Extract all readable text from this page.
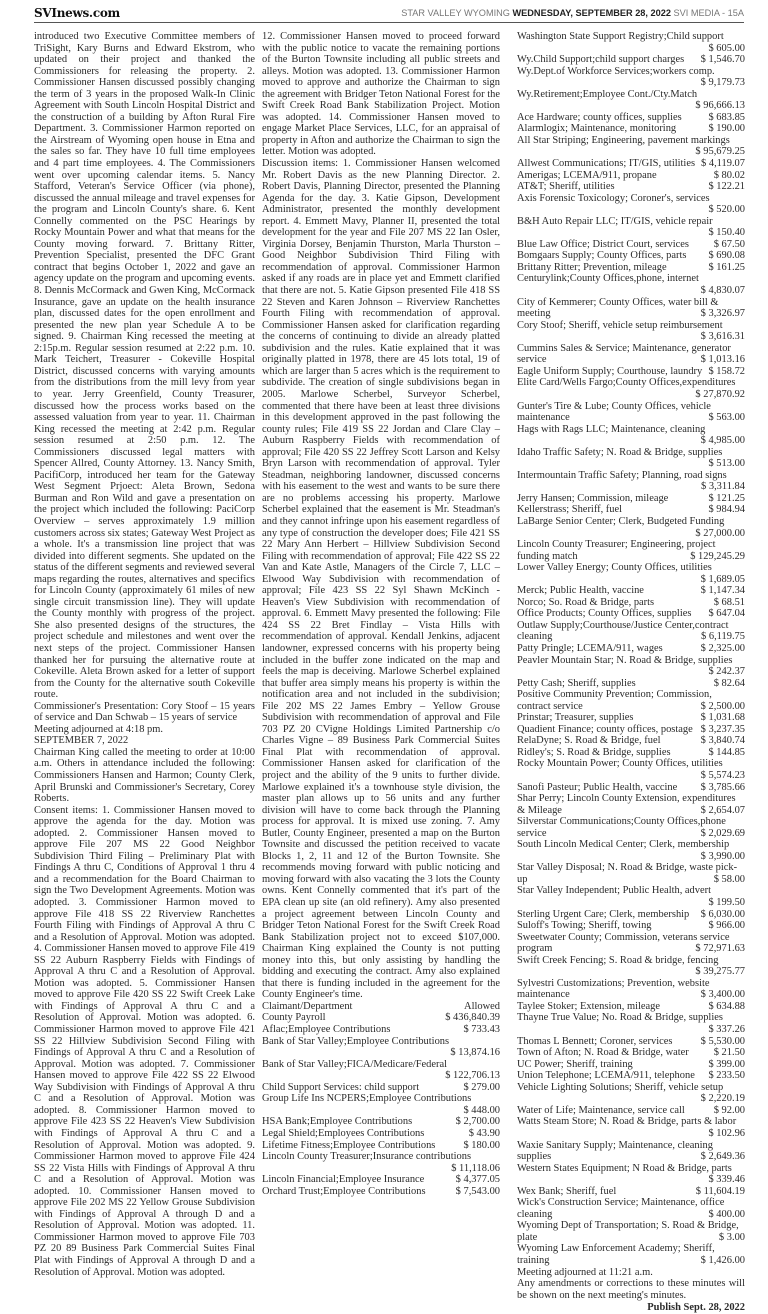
SVInews.com	STAR VALLEY WYOMING WEDNESDAY, SEPTEMBER 28, 2022 SVI MEDIA - 15A

introduced two Executive Committee members of TriSight, Kary Burns and Edward Ekstrom, who updated on their project and thanked the Commissioners for releasing the property. 2. Commissioner Hansen discussed possibly changing the term of 3 years in the proposed Walk-In Clinic Agreement with South Lincoln Hospital District and the construction of a building by Afton Rural Fire Department. 3. Commissioner Harmon reported on the Airstream of Wyoming open house in Etna and the sales so far. They have 10 full time employees and 4 part time employees. 4. The Commissioners went over upcoming calendar items. 5. Nancy Stafford, Veteran's Service Officer (via phone), discussed the annual mileage and travel expenses for the program and Lincoln County's share. 6. Kent Connelly commented on the PSC Hearings by Rocky Mountain Power and what that means for the County moving forward. 7. Brittany Ritter, Prevention Specialist, presented the DFC Grant contract that begins October 1, 2022 and gave an agency update on the program and upcoming events. 8. Dennis McCormack and Gwen King, McCormack Insurance, gave an update on the health insurance plan, discussed dates for the open enrollment and presented the new plan year Schedule A to be signed. 9. Chairman King recessed the meeting at 2:15p.m. Regular session resumed at 2:22 p.m. 10. Mark Teichert, Treasurer - Cokeville Hospital District, discussed concerns with varying amounts from the distributions from the mill levy from year to year. Jerry Greenfield, County Treasurer, discussed how the process works based on the assessed valuation from year to year. 11. Chairman King recessed the meeting at 2:42 p.m. Regular session resumed at 2:50 p.m. 12. The Commissioners discussed legal matters with Spencer Allred, County Attorney. 13. Nancy Smith, PacifiCorp, introduced her team for the Gateway West Segment Prjoect: Aleta Brown, Sedona Burman and Ron Wild and gave a presentation on the project which included the following: PaciCorp Overview – serves approximately 1.9 million customers across six states; Gateway West Project as a whole. It's a transmission line project that was divided into different segments. She updated on the status of the different segments and reviewed several maps regarding the routes, alternatives and specifics for Lincoln County (approximately 61 miles of new single circuit transmission line). They will update the County monthly with progress of the project. She also presented designs of the structures, the project schedule and milestones and went over the next steps of the project. Commissioner Hansen thanked her for pursuing the alternative route at Cokeville. Aleta Brown asked for a letter of support from the County for the alternative south Cokeville route.

Commissioner's Presentation: Cory Stoof – 15 years of service and Dan Schwab – 15 years of service

Meeting adjourned at 4:18 pm.

SEPTEMBER 7, 2022

Chairman King called the meeting to order at 10:00 a.m. Others in attendance included the following: Commissioners Hansen and Harmon; County Clerk, April Brunski and Commissioner's Secretary, Corey Roberts.

Consent items: 1. Commissioner Hansen moved to approve the agenda for the day. Motion was adopted. 2. Commissioner Hansen moved to approve File 207 MS 22 Good Neighbor Subdivision Third Filing – Preliminary Plat with Findings A thru C, Conditions of Approval 1 thru 4 and a recommendation for the Board Chairman to sign the Two Development Agreements. Motion was adopted. 3. Commissioner Harmon moved to approve File 418 SS 22 Riverview Ranchettes Fourth Filing with Findings of Approval A thru C and a Resolution of Approval. Motion was adopted. 4. Commissioner Hansen moved to approve File 419 SS 22 Auburn Raspberry Fields with Findings of Approval A thru C and a Resolution of Approval. Motion was adopted. 5. Commissioner Hansen moved to approve File 420 SS 22 Swift Creek Lake with Findings of Approval A thru C and a Resolution of Approval. Motion was adopted. 6. Commissioner Harmon moved to approve File 421 SS 22 Hillview Subdivision Second Filing with Findings of Approval A thru C and a Resolution of Approval. Motion was adopted. 7. Commissioner Hansen moved to approve File 422 SS 22 Elwood Way Subdivision with Findings of Approval A thru C and a Resolution of Approval. Motion was adopted. 8. Commissioner Harmon moved to approve File 423 SS 22 Heaven's View Subdivision with Findings of Approval A thru C and a Resolution of Approval. Motion was adopted. 9. Commissioner Harmon moved to approve File 424 SS 22 Vista Hills with Findings of Approval A thru C and a Resolution of Approval. Motion was adopted. 10. Commissioner Hansen moved to approve File 202 MS 22 Yellow Grouse Subdivision with Findings of Approval A through D and a Resolution of Approval. Motion was adopted. 11. Commissioner Harmon moved to approve File 703 PZ 20 89 Business Park Commercial Suites Final Plat with Findings of Approval A through D and a Resolution of Approval. Motion was adopted.

12. Commissioner Hansen moved to proceed forward with the public notice to vacate the remaining portions of the Burton Townsite including all public streets and alleys. Motion was adopted. 13. Commissioner Harmon moved to approve and authorize the Chairman to sign the agreement with Bridger Teton National Forest for the Swift Creek Road Bank Stabilization Project. Motion was adopted. 14. Commissioner Hansen moved to engage Market Place Services, LLC, for an appraisal of property in Afton and authorize the Chairman to sign the letter. Motion was adopted.

Discussion items: 1. Commissioner Hansen welcomed Mr. Robert Davis as the new Planning Director. 2. Robert Davis, Planning Director, presented the Planning Agenda for the day. 3. Katie Gipson, Development Administrator, presented the monthly development report. 4. Emmett Mavy, Planner II, presented the total development for the year and File 207 MS 22 Ian Osler, Virginia Dorsey, Benjamin Thurston, Marla Thurston – Good Neighbor Subdivision Third Filing with recommendation of approval. Commissioner Harmon asked if any roads are in place yet and Emmett clarified that there are not. 5. Katie Gipson presented File 418 SS 22 Steven and Karen Johnson – Riverview Ranchettes Fourth Filing with recommendation of approval. Commissioner Hansen asked for clarification regarding the concerns of continuing to divide an already platted subdivision and the rules. Katie explained that it was originally platted in 1978, there are 45 lots total, 19 of which are larger than 5 acres which is the requirement to subdivide. The creation of single subdivisions began in 2005. Marlowe Scherbel, Surveyor Scherbel, commented that there have been at least three divisions in this development approved in the past following the county rules; File 419 SS 22 Jordan and Clare Clay – Auburn Raspberry Fields with recommendation of approval; File 420 SS 22 Jeffrey Scott Larson and Kelsy Bryn Larson with recommendation of approval. Tyler Steadman, neighboring landowner, discussed concerns with his easement to the west and wants to be sure there are no problems accessing his property. Marlowe Scherbel explained that the easement is Mr. Steadman's and they cannot infringe upon his easement regardless of any type of construction the developer does; File 421 SS 22 Mary Ann Herbert – Hillview Subdivision Second Filing with recommendation of approval; File 422 SS 22 Van and Kate Astle, Managers of the Circle 7, LLC – Elwood Way Subdivision with recommendation of approval; File 423 SS 22 Syl Shawn McKinch - Heaven's View Subdivision with recommendation of approval. 6. Emmett Mavy presented the following: File 424 SS 22 Bret Findlay – Vista Hills with recommendation of approval. Kendall Jenkins, adjacent landowner, expressed concerns with his property being included in the buffer zone indicated on the map and feels the map is deceiving. Marlowe Scherbel explained that buffer area simply means his property is within the notification area and not included in the subdivision; File 202 MS 22 James Embry – Yellow Grouse Subdivision with recommendation of approval and File 703 PZ 20 CVigne Holdings Limited Partnership c/o Charles Vigne – 89 Business Park Commercial Suites Final Plat with recommendation of approval. Commissioner Hansen asked for clarification of the project and the ability of the 9 units to further divide. Marlowe explained it's a townhouse style division, the master plan allows up to 56 units and any further division will have to come back through the Planning process for approval. It is mixed use zoning. 7. Amy Butler, County Engineer, presented a map on the Burton Townsite and discussed the petition received to vacate Blocks 1, 2, 11 and 12 of the Burton Townsite. She recommends moving forward with public noticing and moving forward with also vacating the 3 lots the County owns. Kent Connelly commented that it's part of the EPA clean up site (an old refinery). Amy also presented a project agreement between Lincoln County and Bridger Teton National Forest for the Swift Creek Road Bank Stabilization project not to exceed $107,000. Chairman King explained the County is not putting money into this, but only assisting by handling the bidding and executing the contract. Amy also explained that there is funding included in the agreement for the County Engineer's time.

Claimant/Department	Allowed
County Payroll	$ 436,840.39
Aflac;Employee Contributions	$ 733.43
Bank of Star Valley;Employee Contributions
$ 13,874.16
Bank of Star Valley;FICA/Medicare/Federal
$ 122,706.13
Child Support Services: child support	$ 279.00
Group Life Ins NCPERS;Employee Contributions
$ 448.00
HSA Bank;Employee Contributions	$ 2,700.00
Legal Shield;Employees Contributions	$ 43.90
Lifetime Fitness;Employee Contributions	$ 180.00
Lincoln County Treasurer;Insurance contributions
$ 11,118.06
Lincoln Financial;Employee Insurance	$ 4,377.05
Orchard Trust;Employee Contributions	$ 7,543.00
Washington State Support Registry;Child support
$ 605.00
Wy.Child Support;child support charges	$ 1,546.70
Wy.Dept.of Workforce Services;workers comp.
$ 9,179.73
Wy.Retirement;Employee Cont./Cty.Match
$ 96,666.13
Ace Hardware; county offices, supplies	$ 683.85
Alarmlogix; Maintenance, monitoring	$ 190.00
All Star Striping; Engineering, pavement markings
$ 95,679.25
Allwest Communications; IT/GIS, utilities $ 4,119.07
Amerigas; LCEMA/911, propane	$ 80.02
AT&T; Sheriff, utilities	$ 122.21
Axis Forensic Toxicology; Coroner's, services
$ 520.00
B&H Auto Repair LLC; IT/GIS, vehicle repair
$ 150.40
Blue Law Office; District Court, services	$ 67.50
Bomgaars Supply; County Offices, parts	$ 690.08
Brittany Ritter; Prevention, mileage	$ 161.25
Centurylink;County Offices,phone, internet
$ 4,830.07
City of Kemmerer; County Offices, water bill & meeting	$ 3,326.97
Cory Stoof; Sheriff, vehicle setup reimbursement
$ 3,616.31
Cummins Sales & Service; Maintenance, generator service	$ 1,013.16
Eagle Uniform Supply; Courthouse, laundry $ 158.72
Elite Card/Wells Fargo;County Offices,expenditures
$ 27,870.92
Gunter's Tire & Lube; County Offices, vehicle maintenance	$ 563.00
Hags with Rags LLC; Maintenance, cleaning
$ 4,985.00
Idaho Traffic Safety; N. Road & Bridge, supplies
$ 513.00
Intermountain Traffic Safety; Planning, road signs
$ 3,311.84
Jerry Hansen; Commission, mileage	$ 121.25
Kellerstrass; Sheriff, fuel	$ 984.94
LaBarge Senior Center; Clerk, Budgeted Funding
$ 27,000.00
Lincoln County Treasurer; Engineering, project funding match	$ 129,245.29
Lower Valley Energy; County Offices, utilities
$ 1,689.05
Merck; Public Health, vaccine	$ 1,147.34
Norco; So. Road & Bridge, parts	$ 68.51
Office Products; County Offices, supplies	$ 647.04
Outlaw Supply;Courthouse/Justice Center,contract cleaning	$ 6,119.75
Patty Pringle; LCEMA/911, wages	$ 2,325.00
Peavler Mountain Star; N. Road & Bridge, supplies
$ 242.37
Petty Cash; Sheriff, supplies	$ 82.64
Positive Community Prevention; Commission, contract service	$ 2,500.00
Prinstar; Treasurer, supplies	$ 1,031.68
Quadient Finance; county offices, postage $ 3,237.35
RelaDyne; S. Road & Bridge, fuel	$ 3,840.74
Ridley's; S. Road & Bridge, supplies	$ 144.85
Rocky Mountain Power; County Offices, utilities
$ 5,574.23
Sanofi Pasteur; Public Health, vaccine	$ 3,785.66
Shar Perry; Lincoln County Extension, expenditures & Mileage	$ 2,654.07
Silverstar Communications;County Offices,phone service	$ 2,029.69
South Lincoln Medical Center; Clerk, membership
$ 3,990.00
Star Valley Disposal; N. Road & Bridge, waste pick-up	$ 58.00
Star Valley Independent; Public Health, advert
$ 199.50
Sterling Urgent Care; Clerk, membership	$ 6,030.00
Suloff's Towing; Sheriff, towing	$ 966.00
Sweetwater County; Commission, veterans service program	$ 72,971.63
Swift Creek Fencing; S. Road & bridge, fencing
$ 39,275.77
Sylvestri Customizations; Prevention, website maintenance	$ 3,400.00
Taylee Stoker; Extension, mileage	$ 634.88
Thayne True Value; No. Road & Bridge, supplies
$ 337.26
Thomas L Bennett; Coroner, services	$ 5,530.00
Town of Afton; N. Road & Bridge, water	$ 21.50
UC Power; Sheriff, training	$ 399.00
Union Telephone; LCEMA/911, telephone	$ 233.50
Vehicle Lighting Solutions; Sheriff, vehicle setup
$ 2,220.19
Water of Life; Maintenance, service call	$ 92.00
Watts Steam Store; N. Road & Bridge, parts & labor
$ 102.96
Waxie Sanitary Supply; Maintenance, cleaning supplies	$ 2,649.36
Western States Equipment; N Road & Bridge, parts
$ 339.46
Wex Bank; Sheriff, fuel	$ 11,604.19
Wick's Construction Service; Maintenance, office cleaning	$ 400.00
Wyoming Dept of Transportation; S. Road & Bridge, plate	$ 3.00
Wyoming Law Enforcement Academy; Sheriff, training	$ 1,426.00

Meeting adjourned at 11:21 a.m.

Any amendments or corrections to these minutes will be shown on the next meeting's minutes.

Publish Sept. 28, 2022
